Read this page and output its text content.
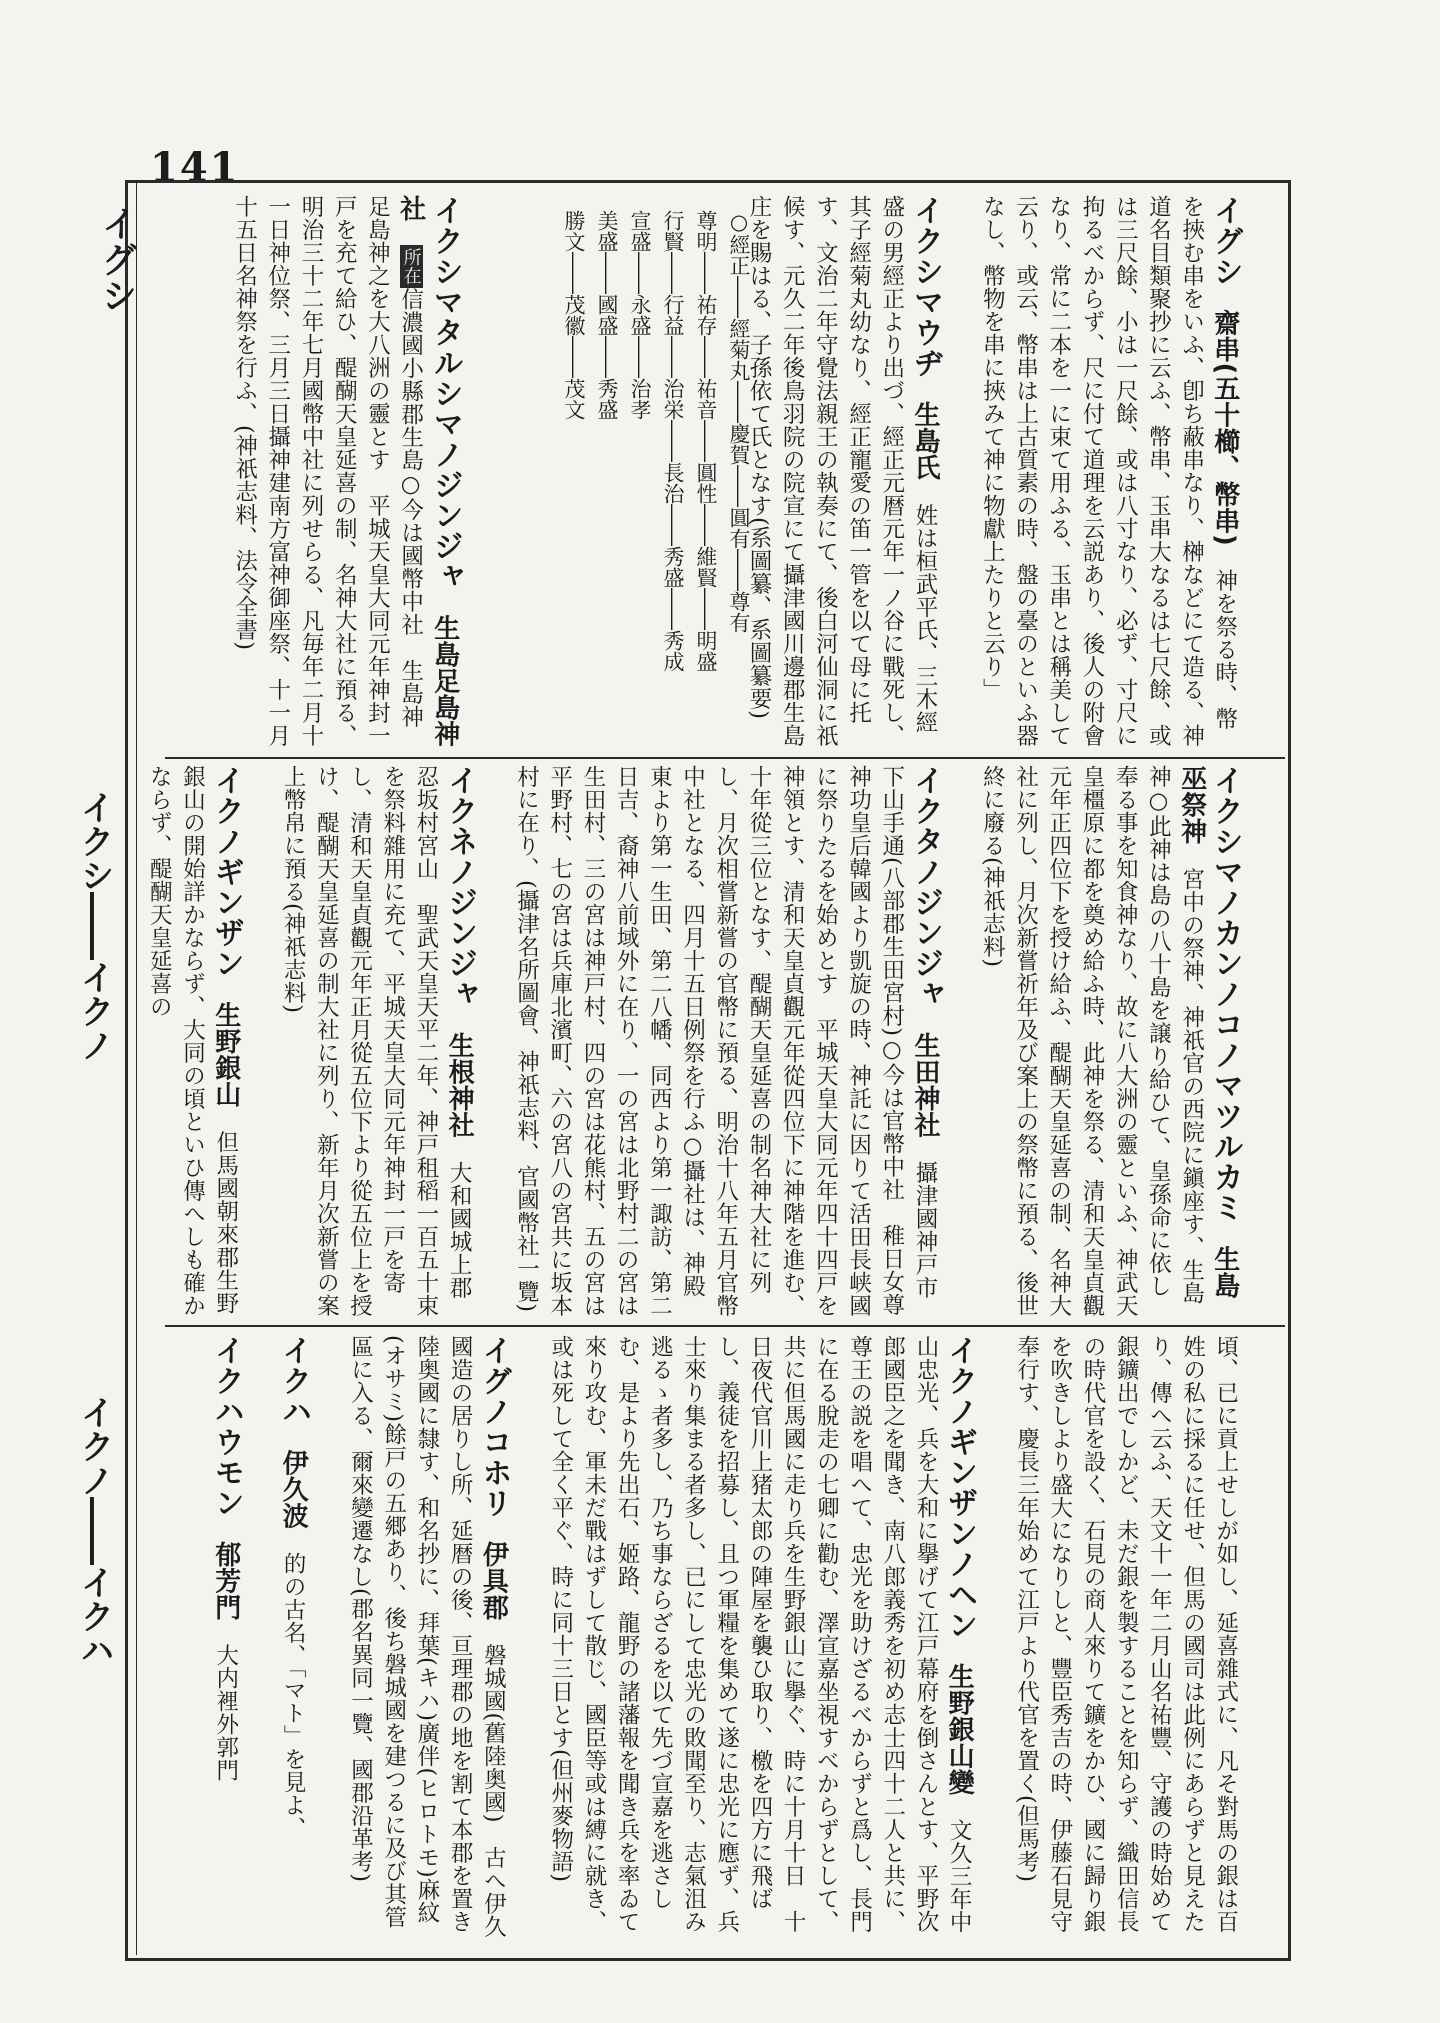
141
イグシ
イクシ――イクノ
イクノ――イクハ

イグシ　齋串(五十櫛、幣串)　神を祭る時、幣を挾む串をいふ、卽ち蔽串なり、榊などにて造る、神道名目類聚抄に云ふ、幣串、玉串大なるは七尺餘、或は三尺餘、小は一尺餘、或は八寸なり、必ず、寸尺に拘るべからず、尺に付て道理を云説あり、後人の附會なり、常に二本を一に束て用ふる、玉串とは稱美して云り、或云、幣串は上古質素の時、盤の臺のといふ器なし、幣物を串に挾みて神に物獻上たりと云り」

イクシマウヂ　生島氏　姓は桓武平氏、三木經盛の男經正より出づ、經正元暦元年一ノ谷に戰死し、其子經菊丸幼なり、經正寵愛の笛一管を以て母に托す、文治二年守覺法親王の執奏にて、後白河仙洞に祇候す、元久二年後鳥羽院の院宣にて攝津國川邊郡生島庄を賜はる、子孫依て氏となす(系圖纂、系圖纂要)

○經正――經菊丸――慶賀――圓有――尊有
尊明――祐存――祐音――圓性――維賢――明盛
行賢――行益――治栄――長治――秀盛――秀成
宣盛――永盛――治孝
美盛――國盛――秀盛
勝文――茂徽――茂文

イクシマタルシマノジンジャ　生島足島神社　所在信濃國小縣郡生島○今は國幣中社　生島神足島神之を大八洲の靈とす　平城天皇大同元年神封一戸を充て給ひ、醍醐天皇延喜の制、名神大社に預る、明治三十二年七月國幣中社に列せらる、凡毎年二月十一日神位祭、三月三日攝神建南方富神御座祭、十一月十五日名神祭を行ふ、(神祇志料、法令全書)

イクシマノカンノコノマツルカミ　生島巫祭神　宮中の祭神、神祇官の西院に鎭座す、生島神○此神は島の八十島を譲り給ひて、皇孫命に依し奉る事を知食神なり、故に八大洲の靈といふ、神武天皇橿原に都を奠め給ふ時、此神を祭る、清和天皇貞觀元年正四位下を授け給ふ、醍醐天皇延喜の制、名神大社に列し、月次新嘗祈年及び案上の祭幣に預る、後世終に廢る(神祇志料)

イクタノジンジャ　生田神社　攝津國神戸市下山手通(八部郡生田宮村)○今は官幣中社　稚日女尊　神功皇后韓國より凱旋の時、神託に因りて活田長峡國に祭りたるを始めとす　平城天皇大同元年四十四戸を神領とす、清和天皇貞觀元年從四位下に神階を進む、十年從三位となす、醍醐天皇延喜の制名神大社に列し、月次相嘗新嘗の官幣に預る、明治十八年五月官幣中社となる、四月十五日例祭を行ふ○攝社は、神殿東より第一生田、第二八幡、同西より第一諏訪、第二日吉、裔神八前域外に在り、一の宮は北野村二の宮は生田村、三の宮は神戸村、四の宮は花熊村、五の宮は平野村、七の宮は兵庫北濱町、六の宮八の宮共に坂本村に在り、(攝津名所圖會、神祇志料、官國幣社一覽)

イクネノジンジャ　生根神社　大和國城上郡忍坂村宮山　聖武天皇天平二年、神戸租稻一百五十束を祭料雜用に充て、平城天皇大同元年神封一戸を寄し、清和天皇貞觀元年正月從五位下より從五位上を授け、醍醐天皇延喜の制大社に列り、新年月次新嘗の案上幣帛に預る(神祇志料)

イクノギンザン　生野銀山　但馬國朝來郡生野　銀山の開始詳かならず、大同の頃といひ傳へしも確かならず、醍醐天皇延喜の

頃、已に貢上せしが如し、延喜雜式に、凡そ對馬の銀は百姓の私に採るに任せ、但馬の國司は此例にあらずと見えたり、傳へ云ふ、天文十一年二月山名祐豐、守護の時始めて銀鑛出でしかど、未だ銀を製することを知らず、織田信長の時代官を設く、石見の商人來りて鑛をかひ、國に歸り銀を吹きしより盛大になりしと、豐臣秀吉の時、伊藤石見守奉行す、慶長三年始めて江戸より代官を置く(但馬考)

イクノギンザンノヘン　生野銀山變　文久三年中山忠光、兵を大和に擧げて江戸幕府を倒さんとす、平野次郎國臣之を聞き、南八郎義秀を初め志士四十二人と共に、尊王の説を唱へて、忠光を助けざるべからずと爲し、長門に在る脫走の七卿に勸む、澤宣嘉坐視すべからずとして、共に但馬國に走り兵を生野銀山に擧ぐ、時に十月十日　十日夜代官川上猪太郎の陣屋を襲ひ取り、檄を四方に飛ばし、義徒を招募し、且つ軍糧を集めて遂に忠光に應ず、兵士來り集まる者多し、已にして忠光の敗聞至り、志氣沮み逃るゝ者多し、乃ち事ならざるを以て先づ宣嘉を逃さしむ、是より先出石、姬路、龍野の諸藩報を聞き兵を率ゐて來り攻む、軍未だ戰はずして散じ、國臣等或は縛に就き、或は死して全く平ぐ、時に同十三日とす(但州麥物語)

イグノコホリ　伊具郡　磐城國(舊陸奥國)　古へ伊久國造の居りし所、延暦の後、亘理郡の地を割て本郡を置き陸奥國に隸す、和名抄に、拜葉(キハ)廣伴(ヒロトモ)麻紋(オサミ)餘戸の五郷あり、後ち磐城國を建つるに及び其管區に入る、爾來變遷なし(郡名異同一覽、國郡沿革考)

イクハ　伊久波　的の古名、「マト」を見よ、

イクハウモン　郁芳門　大内裡外郭門
